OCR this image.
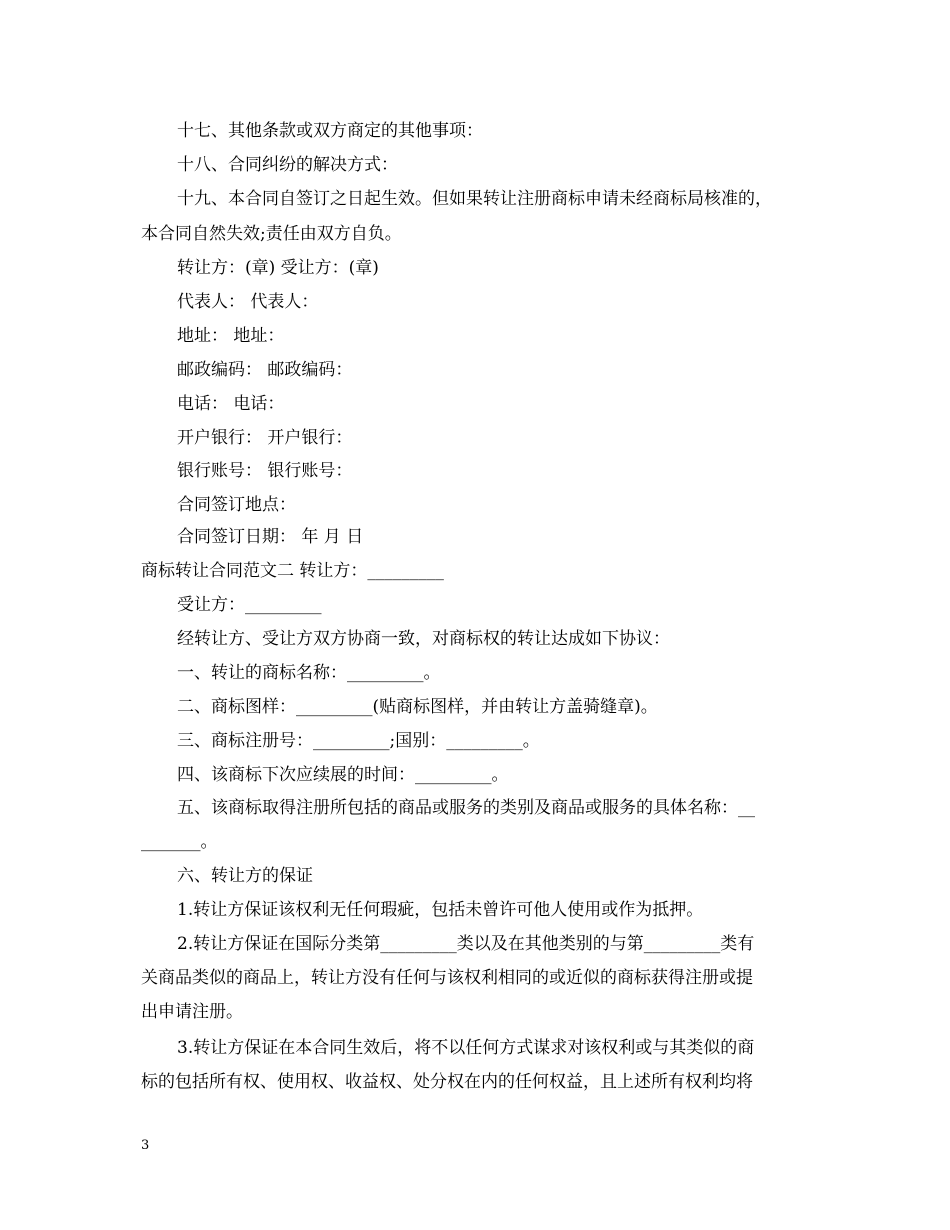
十七、其他条款或双方商定的其他事项：
十八、合同纠纷的解决方式：
十九、本合同自签订之日起生效。但如果转让注册商标申请未经商标局核准的，
本合同自然失效;责任由双方自负。
转让方：(章) 受让方：(章)
代表人： 代表人：
地址： 地址：
邮政编码： 邮政编码：
电话： 电话：
开户银行： 开户银行：
银行账号： 银行账号：
合同签订地点：
合同签订日期： 年 月 日
商标转让合同范文二 转让方：_________
受让方：_________
经转让方、受让方双方协商一致，对商标权的转让达成如下协议：
一、转让的商标名称：_________。
二、商标图样：_________(贴商标图样，并由转让方盖骑缝章)。
三、商标注册号：_________;国别：_________。
四、该商标下次应续展的时间：_________。
五、该商标取得注册所包括的商品或服务的类别及商品或服务的具体名称：__
_______。
六、转让方的保证
1.转让方保证该权利无任何瑕疵，包括未曾许可他人使用或作为抵押。
2.转让方保证在国际分类第_________类以及在其他类别的与第_________类有
关商品类似的商品上，转让方没有任何与该权利相同的或近似的商标获得注册或提
出申请注册。
3.转让方保证在本合同生效后，将不以任何方式谋求对该权利或与其类似的商
标的包括所有权、使用权、收益权、处分权在内的任何权益，且上述所有权利均将
3
